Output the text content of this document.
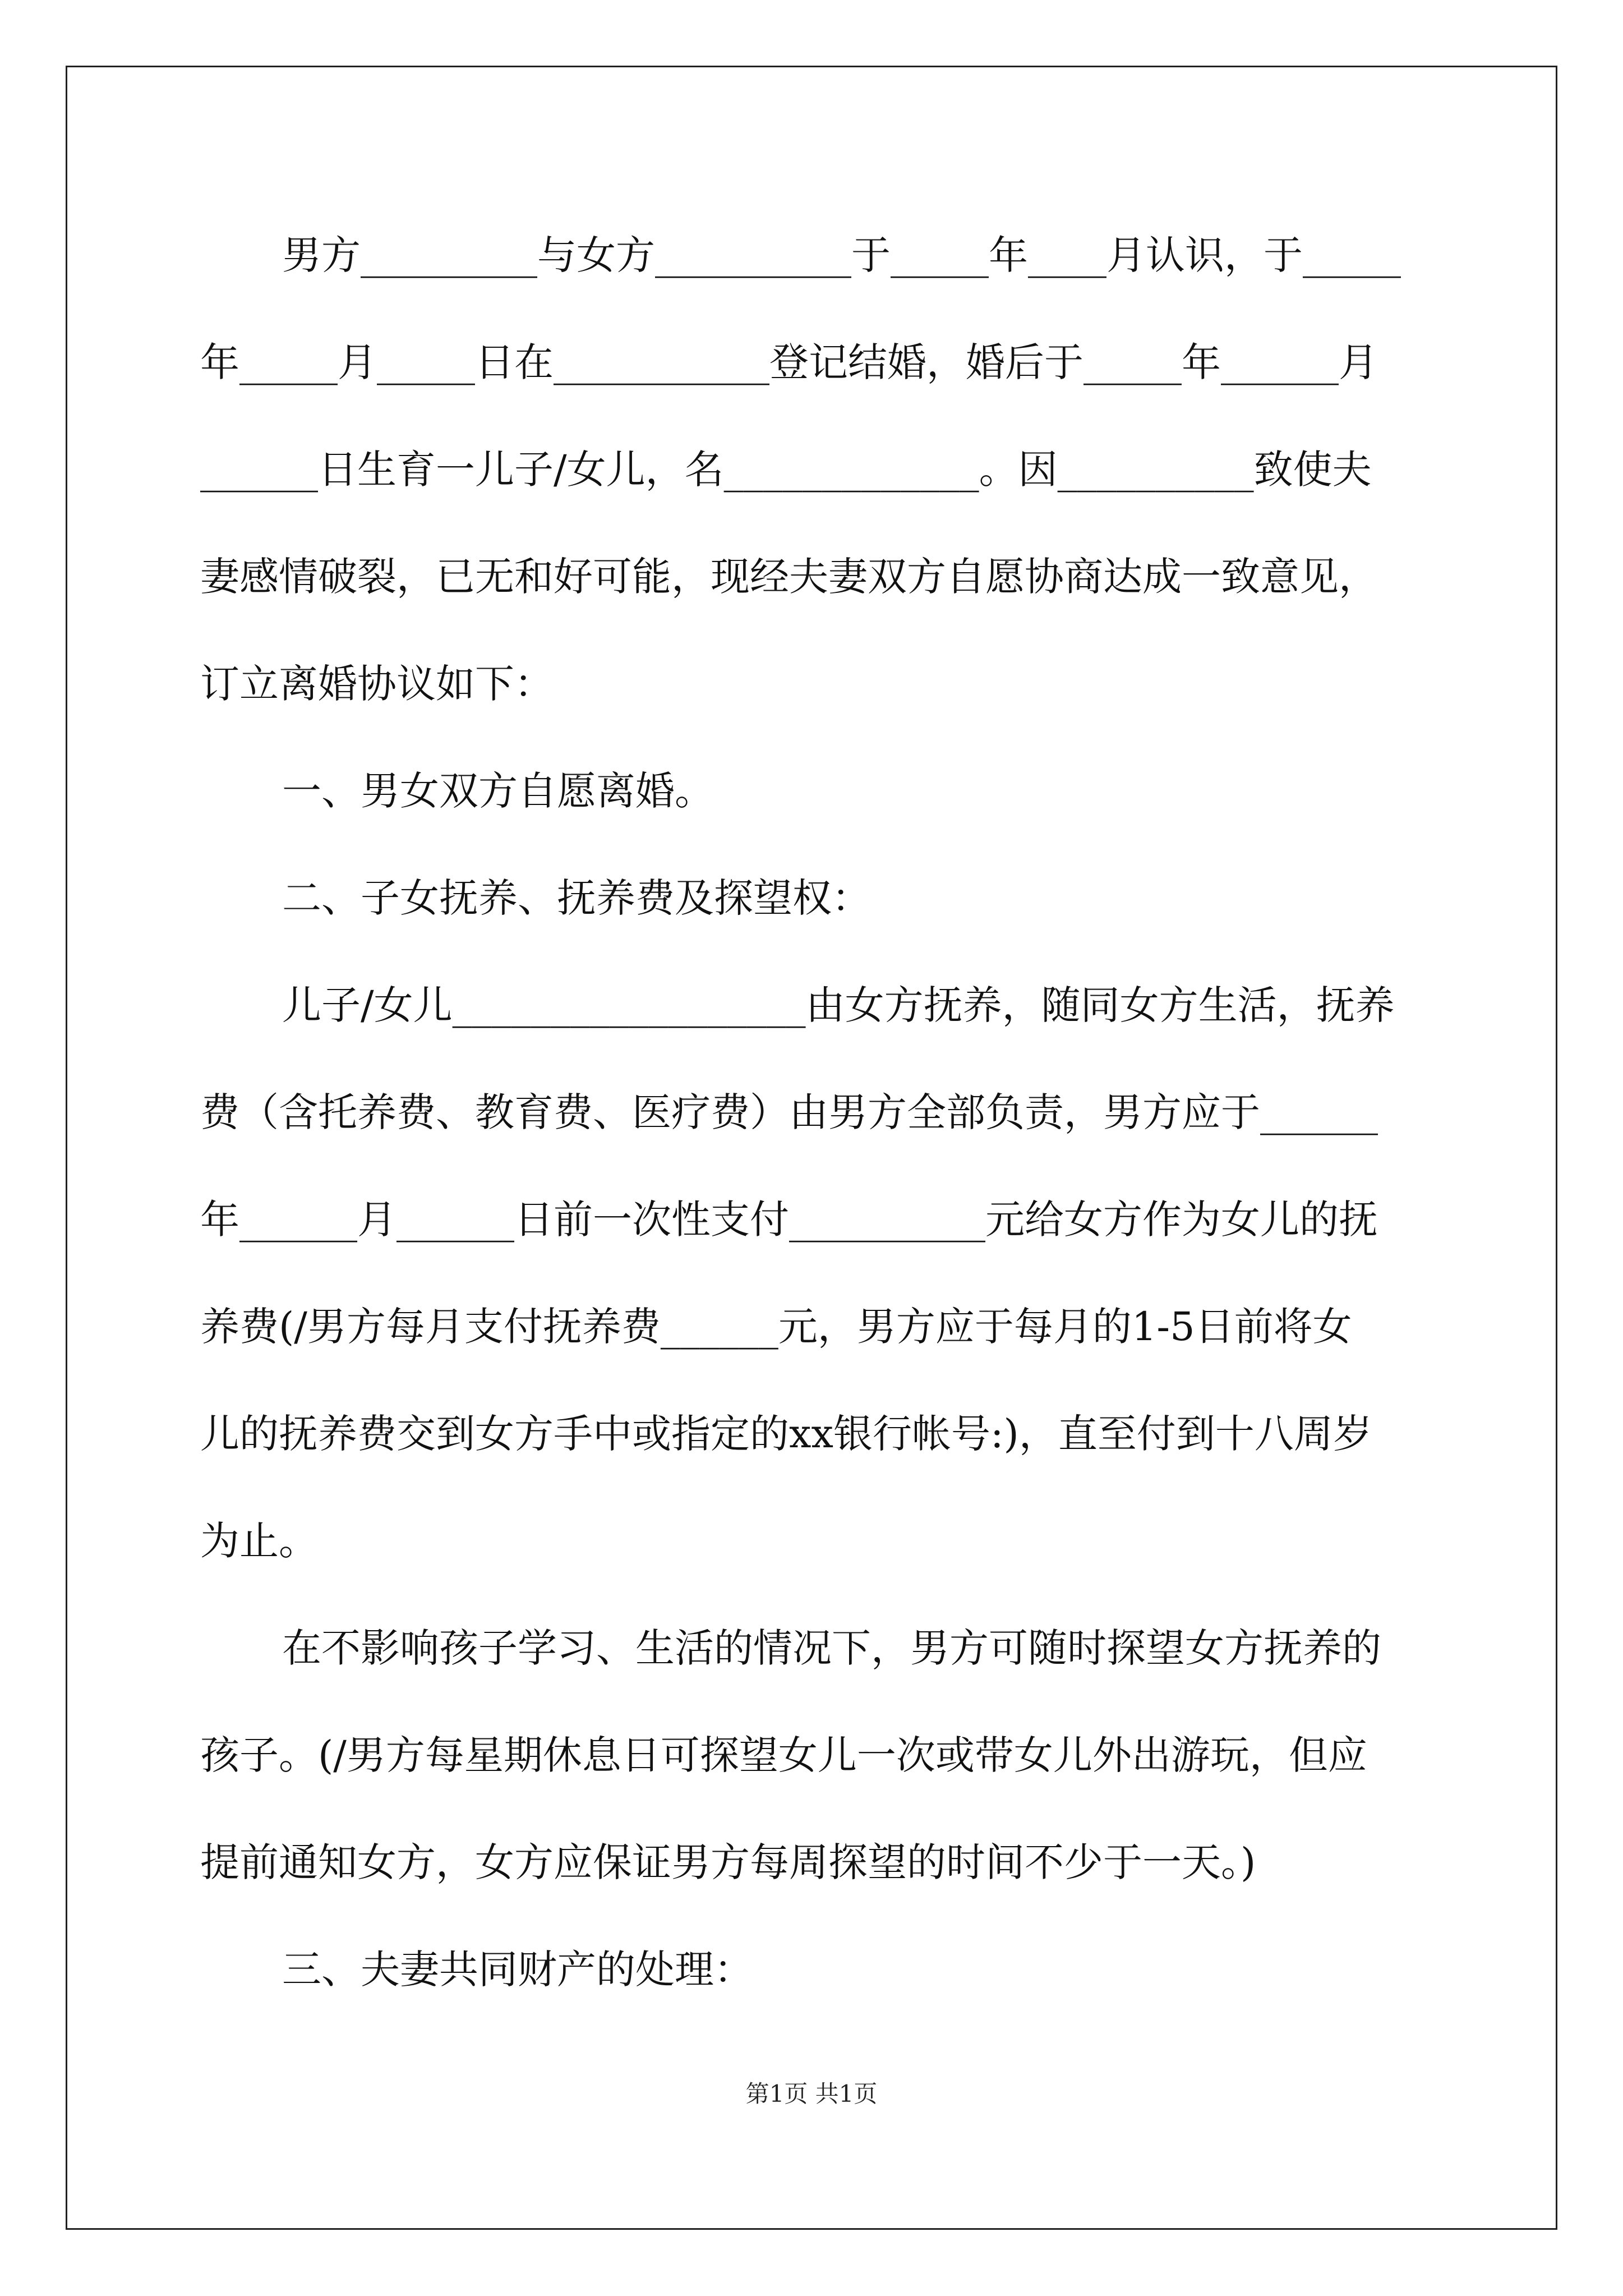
男方_________与女方__________于_____年____月认识，于_____
年_____月_____日在___________登记结婚，婚后于_____年______月
______日生育一儿子/女儿，名_____________。因__________致使夫
妻感情破裂，已无和好可能，现经夫妻双方自愿协商达成一致意见，
订立离婚协议如下：
一、男女双方自愿离婚。
二、子女抚养、抚养费及探望权：
儿子/女儿__________________由女方抚养，随同女方生活，抚养
费（含托养费、教育费、医疗费）由男方全部负责，男方应于______
年______月______日前一次性支付__________元给女方作为女儿的抚
养费(/男方每月支付抚养费______元，男方应于每月的1-5日前将女
儿的抚养费交到女方手中或指定的xx银行帐号:)，直至付到十八周岁
为止。
在不影响孩子学习、生活的情况下，男方可随时探望女方抚养的
孩子。(/男方每星期休息日可探望女儿一次或带女儿外出游玩，但应
提前通知女方，女方应保证男方每周探望的时间不少于一天。)
三、夫妻共同财产的处理：
第1页 共1页
